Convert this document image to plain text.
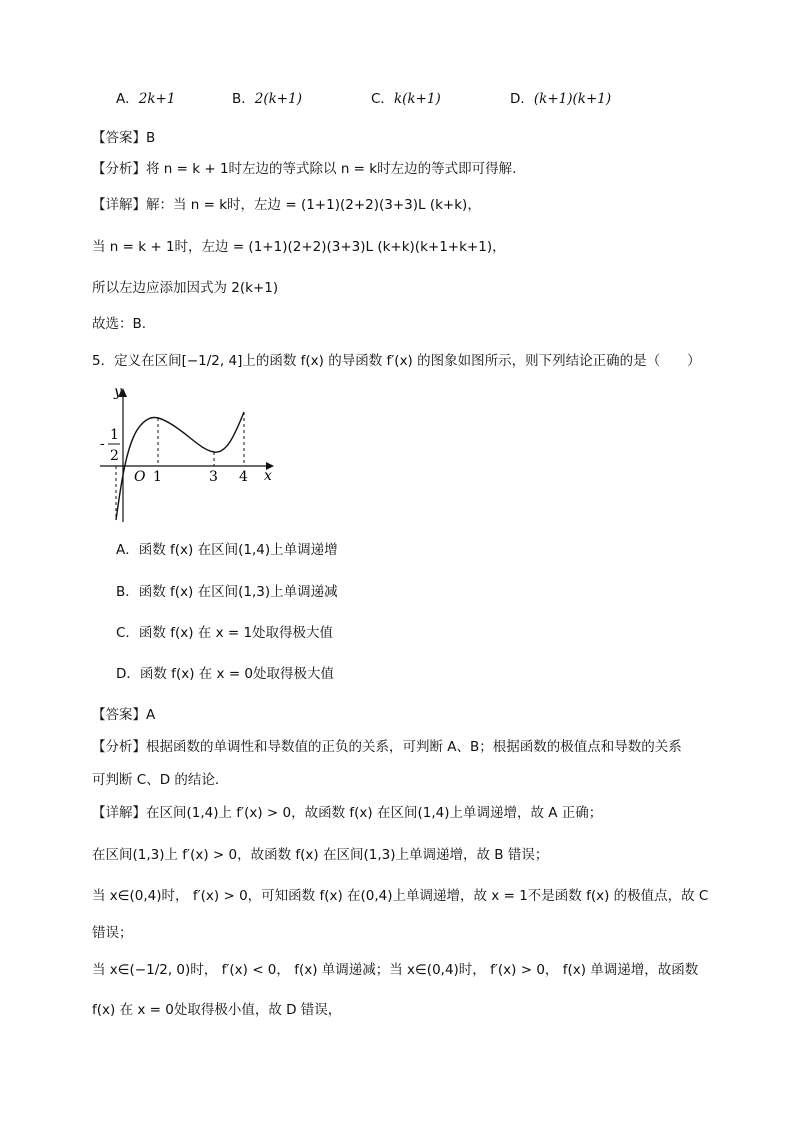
A．2k+1	B．2(k+1)	C．k(k+1)	D．(k+1)(k+1)
【答案】B
【分析】将 n = k + 1时左边的等式除以 n = k时左边的等式即可得解.
【详解】解：当 n = k时，左边 = (1+1)(2+2)(3+3)L (k+k)，
当 n = k + 1时，左边 = (1+1)(2+2)(3+3)L (k+k)(k+1+k+1)，
所以左边应添加因式为 2(k+1)
故选：B.
5．定义在区间[−1/2, 4]上的函数 f(x) 的导函数 f′(x) 的图象如图所示，则下列结论正确的是（　　）
y
x
O 1	3 4
-
1
2
A．函数 f(x) 在区间(1,4)上单调递增
B．函数 f(x) 在区间(1,3)上单调递减
C．函数 f(x) 在 x = 1处取得极大值
D．函数 f(x) 在 x = 0处取得极大值
【答案】A
【分析】根据函数的单调性和导数值的正负的关系，可判断 A、B；根据函数的极值点和导数的关系
可判断 C、D 的结论．
【详解】在区间(1,4)上 f′(x) > 0，故函数 f(x) 在区间(1,4)上单调递增，故 A 正确；
在区间(1,3)上 f′(x) > 0，故函数 f(x) 在区间(1,3)上单调递增，故 B 错误；
当 x∈(0,4)时， f′(x) > 0，可知函数 f(x) 在(0,4)上单调递增，故 x = 1不是函数 f(x) 的极值点，故 C
错误；
当 x∈(−1/2, 0)时， f′(x) < 0， f(x) 单调递减；当 x∈(0,4)时， f′(x) > 0， f(x) 单调递增，故函数
f(x) 在 x = 0处取得极小值，故 D 错误，
